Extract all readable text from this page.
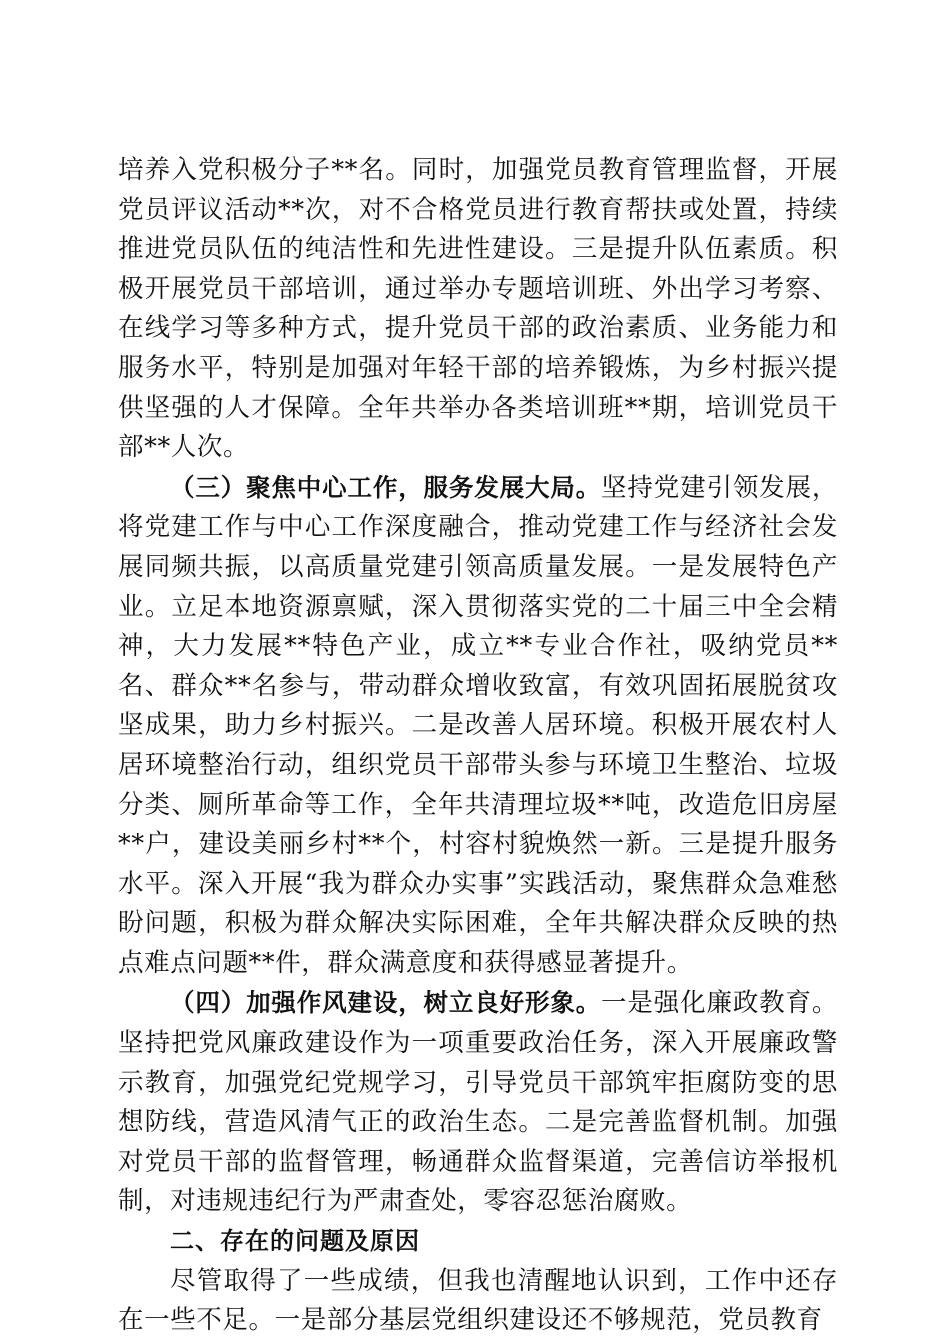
培养入党积极分子**名。同时，加强党员教育管理监督，开展党员评议活动**次，对不合格党员进行教育帮扶或处置，持续推进党员队伍的纯洁性和先进性建设。三是提升队伍素质。积极开展党员干部培训，通过举办专题培训班、外出学习考察、在线学习等多种方式，提升党员干部的政治素质、业务能力和服务水平，特别是加强对年轻干部的培养锻炼，为乡村振兴提供坚强的人才保障。全年共举办各类培训班**期，培训党员干部**人次。

（三）聚焦中心工作，服务发展大局。坚持党建引领发展，将党建工作与中心工作深度融合，推动党建工作与经济社会发展同频共振，以高质量党建引领高质量发展。一是发展特色产业。立足本地资源禀赋，深入贯彻落实党的二十届三中全会精神，大力发展**特色产业，成立**专业合作社，吸纳党员**名、群众**名参与，带动群众增收致富，有效巩固拓展脱贫攻坚成果，助力乡村振兴。二是改善人居环境。积极开展农村人居环境整治行动，组织党员干部带头参与环境卫生整治、垃圾分类、厕所革命等工作，全年共清理垃圾**吨，改造危旧房屋**户，建设美丽乡村**个，村容村貌焕然一新。三是提升服务水平。深入开展“我为群众办实事”实践活动，聚焦群众急难愁盼问题，积极为群众解决实际困难，全年共解决群众反映的热点难点问题**件，群众满意度和获得感显著提升。

（四）加强作风建设，树立良好形象。一是强化廉政教育。坚持把党风廉政建设作为一项重要政治任务，深入开展廉政警示教育，加强党纪党规学习，引导党员干部筑牢拒腐防变的思想防线，营造风清气正的政治生态。二是完善监督机制。加强对党员干部的监督管理，畅通群众监督渠道，完善信访举报机制，对违规违纪行为严肃查处，零容忍惩治腐败。

二、存在的问题及原因

尽管取得了一些成绩，但我也清醒地认识到，工作中还存在一些不足。一是部分基层党组织建设还不够规范，党员教育
